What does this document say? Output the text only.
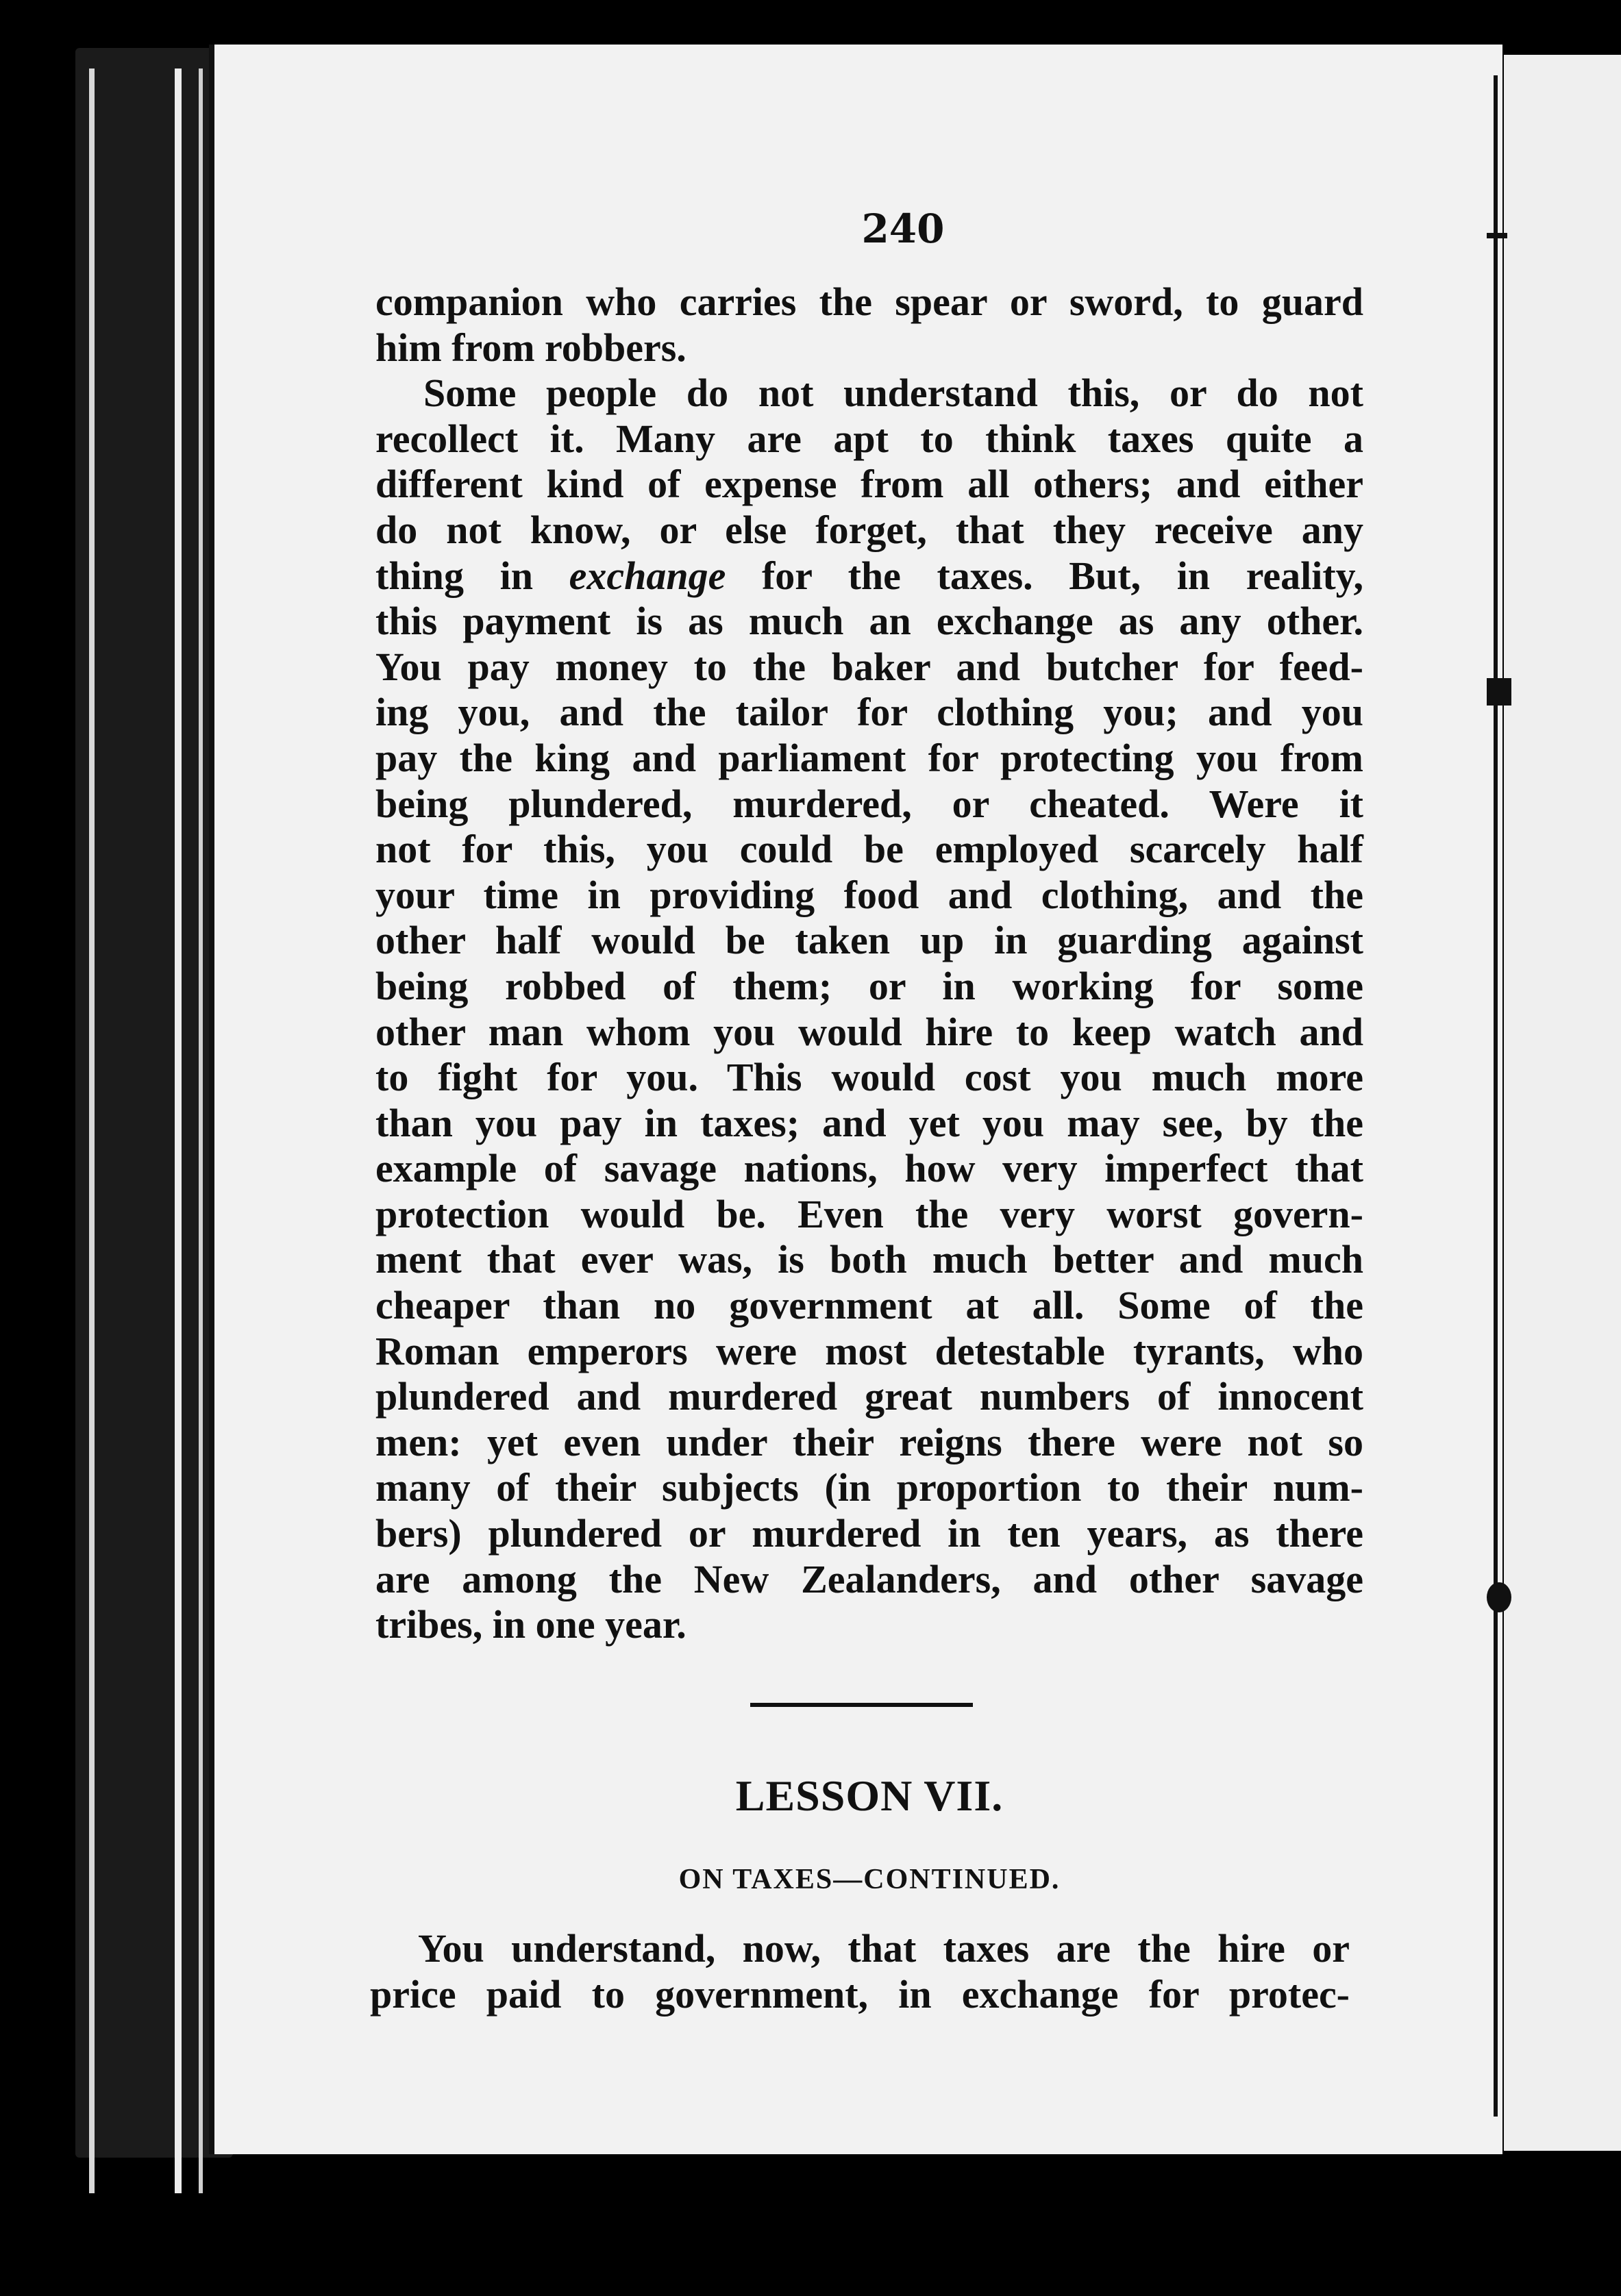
240
companion who carries the spear or sword, to guard
him from robbers.
Some people do not understand this, or do not
recollect it. Many are apt to think taxes quite a
different kind of expense from all others; and either
do not know, or else forget, that they receive any
thing in exchange for the taxes. But, in reality,
this payment is as much an exchange as any other.
You pay money to the baker and butcher for feed-
ing you, and the tailor for clothing you; and you
pay the king and parliament for protecting you from
being plundered, murdered, or cheated. Were it
not for this, you could be employed scarcely half
your time in providing food and clothing, and the
other half would be taken up in guarding against
being robbed of them; or in working for some
other man whom you would hire to keep watch and
to fight for you. This would cost you much more
than you pay in taxes; and yet you may see, by the
example of savage nations, how very imperfect that
protection would be. Even the very worst govern-
ment that ever was, is both much better and much
cheaper than no government at all. Some of the
Roman emperors were most detestable tyrants, who
plundered and murdered great numbers of innocent
men: yet even under their reigns there were not so
many of their subjects (in proportion to their num-
bers) plundered or murdered in ten years, as there
are among the New Zealanders, and other savage
tribes, in one year.
LESSON VII.
ON TAXES—CONTINUED.
You understand, now, that taxes are the hire or
price paid to government, in exchange for protec-
